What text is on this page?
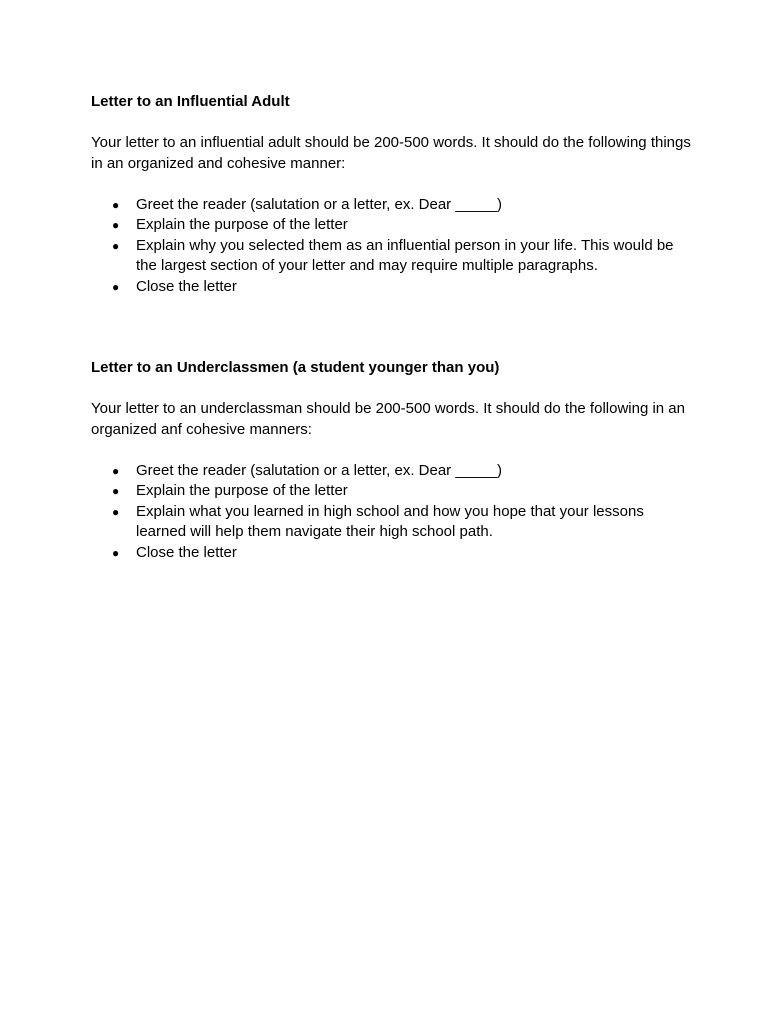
Letter to an Influential Adult

Your letter to an influential adult should be 200-500 words. It should do the following things in an organized and cohesive manner:

● Greet the reader (salutation or a letter, ex. Dear _____)
● Explain the purpose of the letter
● Explain why you selected them as an influential person in your life. This would be the largest section of your letter and may require multiple paragraphs.
● Close the letter

Letter to an Underclassmen (a student younger than you)

Your letter to an underclassman should be 200-500 words. It should do the following in an organized anf cohesive manners:

● Greet the reader (salutation or a letter, ex. Dear _____)
● Explain the purpose of the letter
● Explain what you learned in high school and how you hope that your lessons learned will help them navigate their high school path.
● Close the letter
